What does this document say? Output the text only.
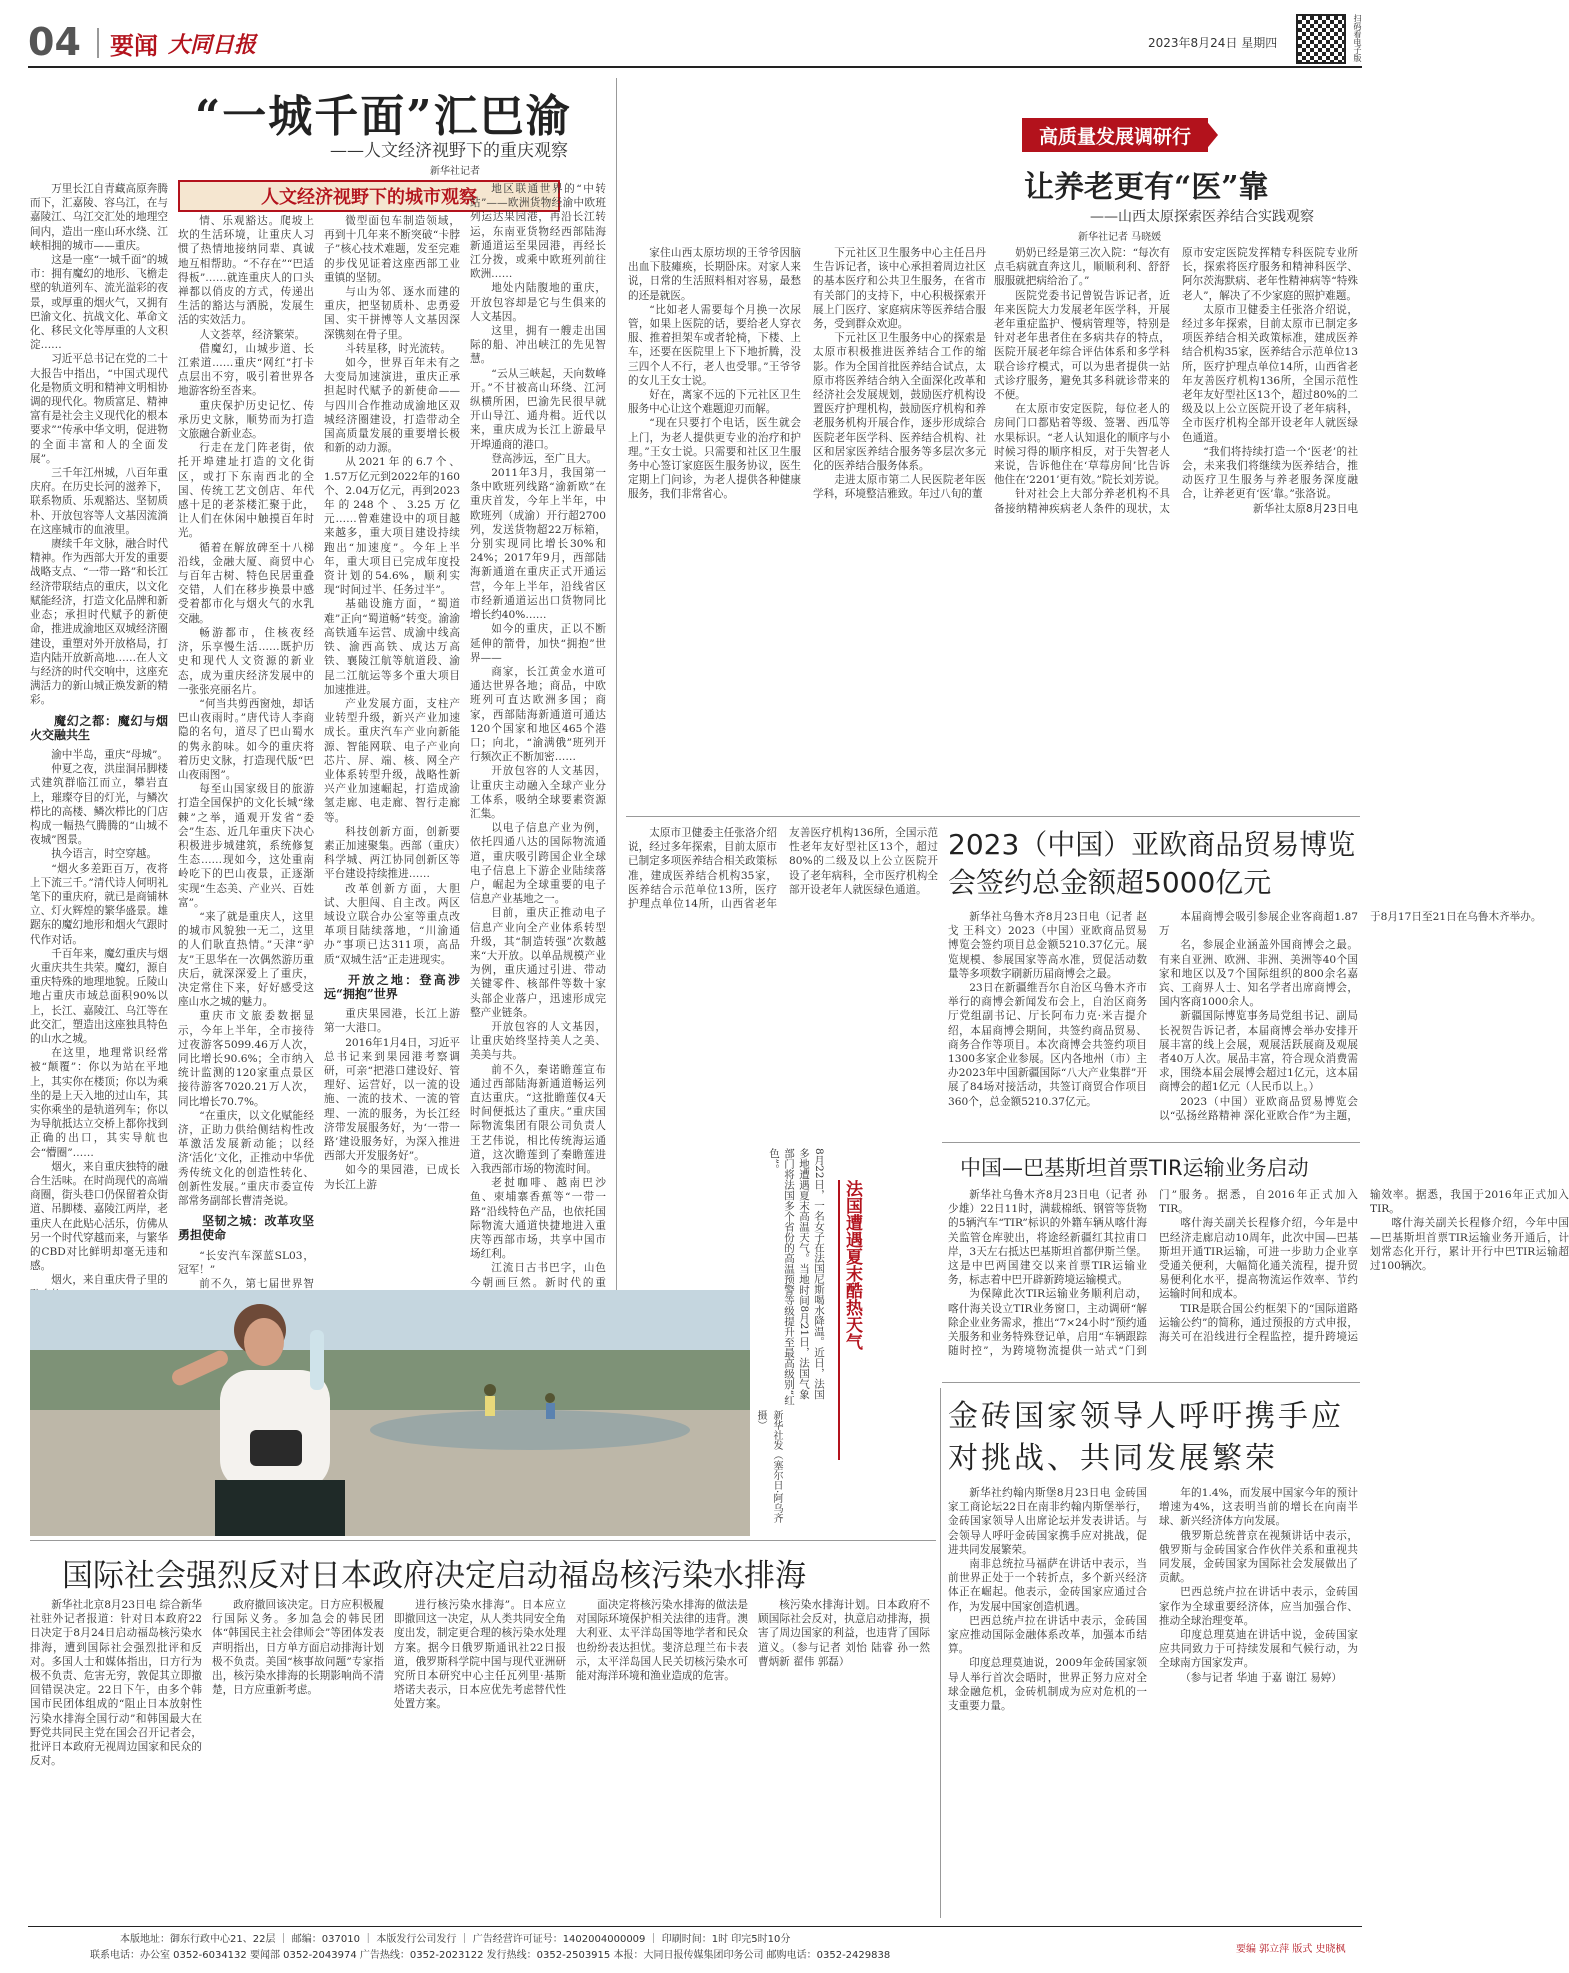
04 要闻 大同日报	2023年8月24日 星期四	扫码看电子版
“一城千面”汇巴渝
——人文经济视野下的重庆观察
新华社记者
人文经济视野下的城市观察

万里长江自青藏高原奔腾而下，汇嘉陵、容乌江，在与嘉陵江、乌江交汇处的地理空间内，造出一座山环水绕、江峡相拥的城市——重庆。

这是一座“一城千面”的城市：拥有魔幻的地形、飞檐走壁的轨道列车、流光溢彩的夜景，或厚重的烟火气，又拥有巴渝文化、抗战文化、革命文化、移民文化等厚重的人文积淀……

习近平总书记在党的二十大报告中指出，“中国式现代化是物质文明和精神文明相协调的现代化。物质富足、精神富有是社会主义现代化的根本要求”“传承中华文明，促进物的全面丰富和人的全面发展”。

三千年江州城，八百年重庆府。在历史长河的滋养下，联系物质、乐观豁达、坚韧质朴、开放包容等人文基因流淌在这座城市的血液里。

赓续千年文脉，融合时代精神。作为西部大开发的重要战略支点、“一带一路”和长江经济带联结点的重庆，以文化赋能经济，打造文化品牌和新业态；承担时代赋予的新使命，推进成渝地区双城经济圈建设，重塑对外开放格局，打造内陆开放新高地……在人文与经济的时代交响中，这座充满活力的新山城正焕发新的精彩。

魔幻之都：魔幻与烟火交融共生

渝中半岛，重庆“母城”。

仲夏之夜，洪崖洞吊脚楼式建筑群临江而立，攀岩直上，璀璨夺目的灯光，与鳞次栉比的高楼、鳞次栉比的门店构成一幅热气腾腾的“山城不夜城”图景。

执今语言，时空穿越。

“烟火多差距百万，夜将上下流三千。”清代诗人何明礼笔下的重庆府，就已是商铺林立、灯火辉煌的繁华盛景。雄踞东的魔幻地形和烟火气跟时代作对话。

千百年来，魔幻重庆与烟火重庆共生共荣。魔幻，源自重庆特殊的地理地貌。丘陵山地占重庆市域总面积90%以上，长江、嘉陵江、乌江等在此交汇，塑造出这座独具特色的山水之城。

在这里，地理常识经常被“颠覆”：你以为站在平地上，其实你在楼顶；你以为乘坐的是上天入地的过山车，其实你乘坐的是轨道列车；你以为导航抵达立交桥上都你找到正确的出口，其实导航也会“懵圈”……

烟火，来自重庆独特的融合生活味。在时尚现代的高端商圈，街头巷口仍保留着众街道、吊脚楼、嘉陵江两岸，老重庆人在此贴心活乐，仿佛从另一个时代穿越而来，与繁华的CBD对比鲜明却毫无违和感。

烟火，来自重庆骨子里的

情、乐观豁达。爬坡上坎的生活环境，让重庆人习惯了热情地接纳同辈、真诚地互相帮助。“不存在”“巴适得板”……就连重庆人的口头禅都以俏皮的方式，传递出生活的豁达与洒脱，发展生活的实效活力。

人文荟萃，经济繁荣。

借魔幻，山城步道、长江索道……重庆“网红”打卡点层出不穷，吸引着世界各地游客纷至沓来。

重庆保护历史记忆、传承历史文脉，顺势而为打造文旅融合新业态。

行走在龙门阵老街，依托开埠建址打造的文化街区，或打下东南西北的全国、传统工艺文创店、年代感十足的老茶楼汇聚于此，让人们在休闲中触摸百年时光。

循着在解放碑至十八梯沿线，金融大厦、商贸中心与百年古树、特色民居重叠交错，人们在移步换景中感受着都市化与烟火气的水乳交融。

畅游都市，住核夜经济，乐享慢生活……既护历史和现代人文资源的新业态，成为重庆经济发展中的一张张亮丽名片。

“何当共剪西窗烛，却话巴山夜雨时。”唐代诗人李商隐的名句，道尽了巴山蜀水的隽永韵味。如今的重庆将着历史文脉，打造现代版“巴山夜雨图”。

每至山国家级目的旅游打造全国保护的文化长城“缘棘”之举，通观开发省“委会”生态、近几年重庆下决心积极进步城建筑，系统修复生态……现如今，这处重南岭吃下的巴山夜景，正逐渐实现“生态美、产业兴、百姓富”。

“来了就是重庆人，这里的城市风貌独一无二，这里的人们耿直热情。”天津“驴友”王思华在一次偶然游历重庆后，就深深爱上了重庆，决定常住下来，好好感受这座山水之城的魅力。

重庆市文旅委数据显示，今年上半年，全市接待过夜游客5099.46万人次，同比增长90.6%；全市纳入统计监测的120家重点景区接待游客7020.21万人次，同比增长70.7%。

“在重庆，以文化赋能经济，正助力供给侧结构性改革激活发展新动能；以经济‘活化’文化，正推动中华优秀传统文化的创造性转化、创新性发展。”重庆市委宣传部常务副部长曹清尧说。

坚韧之城：改革攻坚勇担使命

“长安汽车深蓝SL03，冠军！”

前不久，第七届世界智

微型面包车制造领域，再到十几年来不断突破“卡脖子”核心技术难题，发至完难的步伐见证着这座西部工业重镇的坚韧。

与山为邻、逐水而建的重庆，把坚韧质朴、忠勇爱国、实干拼博等人文基因深深镌刻在骨子里。

斗转星移，时光流转。

如今，世界百年未有之大变局加速演进，重庆正承担起时代赋予的新使命——与四川合作推动成渝地区双城经济圈建设，打造带动全国高质量发展的重要增长极和新的动力源。

从2021年的6.7个、1.57万亿元到2022年的160个、2.04万亿元，再到2023年的248个、3.25万亿元……曾难建设中的项目越来越多，重大项目建设持续跑出“加速度”。今年上半年，重大项目已完成年度投资计划的54.6%，顺利实现“时间过半、任务过半”。

基础设施方面，“蜀道难”正向“蜀道畅”转变。渝渝高铁通车运营、成渝中线高铁、渝西高铁、成达万高铁、襄陵江航等航道段、渝昆二江航运等多个重大项目加速推进。

产业发展方面，支柱产业转型升级，新兴产业加速成长。重庆汽车产业向新能源、智能网联、电子产业向芯片、屏、端、核、网全产业体系转型升级，战略性新兴产业加速崛起，打造成渝氢走廊、电走廊、智行走廊等。

科技创新方面，创新要素正加速聚集。西部（重庆）科学城、两江协同创新区等平台建设持续推进……

改革创新方面，大胆试、大胆闯、自主改。两区域设立联合办公室等重点改革项目陆续落地，“川渝通办”事项已达311项，高品质“双城生活”正走进现实。

开放之地：登高涉远“拥抱”世界

重庆果园港，长江上游第一大港口。

2016年1月4日，习近平总书记来到果园港考察调研，可亲“把港口建设好、管理好、运营好，以一流的设施、一流的技术、一流的管理、一流的服务，为长江经济带发展服务好，为‘一带一路’建设服务好，为深入推进西部大开发服务好”。

如今的果园港，已成长为长江上游

地区联通世界的“中转站”——欧洲货物经渝中欧班列运达果园港，再沿长江转运，东南亚货物经西部陆海新通道运至果园港，再经长江分拨，或乘中欧班列前往欧洲……

地处内陆腹地的重庆，开放包容却是它与生俱来的人文基因。

这里，拥有一艘走出国际的船、冲出峡江的先见智慧。

“云从三峡起，天向数峰开。”不甘被高山环绕、江河纵横所困，巴渝先民很早就开山导江、通舟楫。近代以来，重庆成为长江上游最早开埠通商的港口。

登高涉远，至广且大。

2011年3月，我国第一条中欧班列线路“渝新欧”在重庆首发，今年上半年，中欧班列（成渝）开行超2700列，发送货物超22万标箱，分别实现同比增长30%和24%；2017年9月，西部陆海新通道在重庆正式开通运营，今年上半年，沿线省区市经新通道运出口货物同比增长约40%……

如今的重庆，正以不断延伸的箭骨，加快“拥抱”世界——

商家，长江黄金水道可通达世界各地；商品，中欧班列可直达欧洲多国；商家，西部陆海新通道可通达120个国家和地区465个港口；向北，“渝满俄”班列开行频次正不断加密……

开放包容的人文基因，让重庆主动融入全球产业分工体系，吸纳全球要素资源汇集。

以电子信息产业为例，依托四通八达的国际物流通道，重庆吸引跨国企业全球电子信息上下游企业陆续落户，崛起为全球重要的电子信息产业基地之一。

目前，重庆正推动电子信息产业向全产业体系转型升级，其“制造转强”次数越来“大开放。以单品规模产业为例，重庆通过引进、带动关键零件、核部件等数十家头部企业落户，迅速形成完整产业链条。

开放包容的人文基因，让重庆始终坚持美人之美、美美与共。

前不久，秦诺瞻莲宣布通过西部陆海新通道畅运列直达重庆。“这批瞻莲仅4天时间便抵达了重庆。”重庆国际物流集团有限公司负责人王艺伟说，相比传统海运通道，这次瞻莲到了秦瞻莲进入我西部市场的物流时间。

老挝咖啡、越南巴沙鱼、柬埔寨香蕉等“一带一路”沿线特色产品，也依托国际物流大通道快捷地进入重庆等西部市场，共享中国市场红利。

江流日古书巴字，山色今朝画巨然。新时代的重

高质量发展调研行
让养老更有“医”靠
——山西太原探索医养结合实践观察
新华社记者 马晓媛

家住山西太原坊坝的王爷爷因脑出血下肢瘫痪，长期卧床。对家人来说，日常的生活照料相对容易，最愁的还是就医。

“比如老人需要每个月换一次尿管，如果上医院的话，要给老人穿衣服、推着担架车或者轮椅，下楼、上车，还要在医院里上下下地折腾，没三四个人不行，老人也受罪。”王爷爷的女儿王女士说。

好在，离家不远的下元社区卫生服务中心让这个难题迎刃而解。

“现在只要打个电话，医生就会上门，为老人提供更专业的治疗和护理。”王女士说。只需要和社区卫生服务中心签订家庭医生服务协议，医生定期上门问诊，为老人提供各种健康服务，我们非常省心。

下元社区卫生服务中心主任吕丹生告诉记者，该中心承担着周边社区的基本医疗和公共卫生服务，在省市有关部门的支持下，中心积极探索开展上门医疗、家庭病床等医养结合服务，受到群众欢迎。

下元社区卫生服务中心的探索是太原市积极推进医养结合工作的缩影。作为全国首批医养结合试点，太原市将医养结合纳入全面深化改革和经济社会发展规划，鼓励医疗机构设置医疗护理机构，鼓励医疗机构和养老服务机构开展合作，逐步形成综合医院老年医学科、医养结合机构、社区和居家医养结合服务等多层次多元化的医养结合服务体系。

走进太原市第二人民医院老年医学科，环境整洁雅致。年过八旬的董

奶奶已经是第三次入院：“每次有点毛病就直奔这儿，顺顺利利、舒舒服服就把病给治了。”

医院党委书记曾锐告诉记者，近年来医院大力发展老年医学科，开展老年重症监护、慢病管理等，特别是针对老年患者住在多病共存的特点，医院开展老年综合评估体系和多学科联合诊疗模式，可以为患者提供一站式诊疗服务，避免其多科就诊带来的不便。

在太原市安定医院，每位老人的房间门口都贴着等级、签署、西瓜等水果标识。“老人认知退化的顺序与小时候习得的顺序相反，对于失智老人来说，告诉他住在‘草莓房间’比告诉他住在‘2201’更有效。”院长刘芳说。

针对社会上大部分养老机构不具备接纳精神疾病老人条件的现状，太原市安定医院发挥精专科医院专业所长，探索将医疗服务和精神科医学、阿尔茨海默病、老年性精神病等“特殊老人”，解决了不少家庭的照护难题。

太原市卫健委主任张洛介绍说，经过多年探索，目前太原市已制定多项医养结合相关政策标准，建成医养结合机构35家，医养结合示范单位13所，医疗护理点单位14所，山西省老年友善医疗机构136所，全国示范性老年友好型社区13个，超过80%的二级及以上公立医院开设了老年病科，全市医疗机构全部开设老年人就医绿色通道。

“我们将持续打造一个‘医老’的社会，未来我们将继续为医养结合，推动医疗卫生服务与养老服务深度融合，让养老更有‘医’靠。”张洛说。

新华社太原8月23日电

2023（中国）亚欧商品贸易博览会签约总金额超5000亿元

新华社乌鲁木齐8月23日电（记者 赵戈 王科文）2023（中国）亚欧商品贸易博览会签约项目总金额5210.37亿元。展览规模、参展国家等高水准，贸促活动数量等多项数字刷新历届商博会之最。

23日在新疆维吾尔自治区乌鲁木齐市举行的商博会新闻发布会上，自治区商务厅党组副书记、厅长阿布力克·米吉提介绍，本届商博会期间，共签约商品贸易、商务合作等项目。本次商博会共签约项目1300多家企业参展。区内各地州（市）主办2023年中国新疆国际“八大产业集群”开展了84场对接活动，共签订商贸合作项目360个，总金额5210.37亿元。

本届商博会吸引参展企业客商超1.87万

名，参展企业涵盖外国商博会之最。有来自亚洲、欧洲、非洲、美洲等40个国家和地区以及7个国际组织的800余名嘉宾、工商界人士、知名学者出席商博会，国内客商1000余人。

新疆国际博览事务局党组书记、副局长祝贺告诉记者，本届商博会举办安排开展丰富的线上会展，观展活跃展商及观展者40万人次。展品丰富，符合现众消费需求，围绕本届会展博会超过1亿元，这本届商博会的超1亿元（人民币以上。）

2023（中国）亚欧商品贸易博览会以“弘扬丝路精神 深化亚欧合作”为主题，于8月17日至21日在乌鲁木齐举办。

太原市卫健委主任张洛介绍说，经过多年探索，目前太原市已制定多项医养结合相关政策标准，建成医养结合机构35家，医养结合示范单位13所，医疗护理点单位14所，山西省老年友善医疗机构136所，全国示范性老年友好型社区13个，超过80%的二级及以上公立医院开设了老年病科，全市医疗机构全部开设老年人就医绿色通道。

中国—巴基斯坦首票TIR运输业务启动

新华社乌鲁木齐8月23日电（记者 孙少雄）22日11时，满载棉纸、钢管等货物的5辆汽车“TIR”标识的外籍车辆从喀什海关监管仓库驶出，将途经新疆红其拉甫口岸，3天左右抵达巴基斯坦首都伊斯兰堡。这是中巴两国建交以来首票TIR运输业务，标志着中巴开辟新跨境运输模式。

为保障此次TIR运输业务顺利启动，喀什海关设立TIR业务窗口，主动调研“解除企业业务需求，推出“7×24小时”预约通关服务和业务特殊登记单，启用“车辆跟踪随时控”，为跨境物流提供一站式“门到门”服务。据悉，自2016年正式加入TIR。

喀什海关副关长程修介绍，今年是中巴经济走廊启动10周年，此次中国—巴基斯坦开通TIR运输，可进一步助力企业享受通关便利，大幅简化通关流程，提升贸易便利化水平，提高物流运作效率、节约运输时间和成本。

TIR是联合国公约框架下的“国际道路运输公约”的简称，通过预报的方式申报，海关可在沿线进行全程监控，提升跨境运输效率。据悉，我国于2016年正式加入TIR。

喀什海关副关长程修介绍，今年中国—巴基斯坦首票TIR运输业务开通后，计划常态化开行，累计开行中巴TIR运输超过100辆次。

金砖国家领导人呼吁携手应对挑战、共同发展繁荣

新华社约翰内斯堡8月23日电 金砖国家工商论坛22日在南非约翰内斯堡举行，金砖国家领导人出席论坛并发表讲话。与会领导人呼吁金砖国家携手应对挑战，促进共同发展繁荣。

南非总统拉马福萨在讲话中表示，当前世界正处于一个转折点，多个新兴经济体正在崛起。他表示，金砖国家应通过合作，为发展中国家创造机遇。

巴西总统卢拉在讲话中表示，金砖国家应推动国际金融体系改革，加强本币结算。

印度总理莫迪说，2009年金砖国家领导人举行首次会晤时，世界正努力应对全球金融危机，金砖机制成为应对危机的一支重要力量。

年的1.4%，而发展中国家今年的预计增速为4%，这表明当前的增长在向南半球、新兴经济体方向发展。

俄罗斯总统普京在视频讲话中表示，俄罗斯与金砖国家合作伙伴关系和重视共同发展，金砖国家为国际社会发展做出了贡献。

巴西总统卢拉在讲话中表示，金砖国家作为全球重要经济体，应当加强合作、推动全球治理变革。

印度总理莫迪在讲话中说，金砖国家应共同致力于可持续发展和气候行动，为全球南方国家发声。

（参与记者 华迪 于嘉 谢江 易婷）

法国遭遇夏末酷热天气
8月22日，一名女子在法国尼斯喝水降温。近日，法国多地遭遇夏末高温天气。当地时间8月21日，法国气象部门将法国多个省份的高温预警等级提升至最高级别“红色”。
新华社发（塞尔日·阿乌齐摄）
国际社会强烈反对日本政府决定启动福岛核污染水排海

新华社北京8月23日电 综合新华社驻外记者报道：针对日本政府22日决定于8月24日启动福岛核污染水排海，遭到国际社会强烈批评和反对。多国人士和媒体指出，日方行为极不负责、危害无穷，敦促其立即撤回错误决定。22日下午，由多个韩国市民团体组成的“阻止日本放射性污染水排海全国行动”和韩国最大在野党共同民主党在国会召开记者会，批评日本政府无视周边国家和民众的反对。

政府撤回该决定。日方应积极履行国际义务。多加急会的韩民团体“韩国民主社会律师会”等团体发表声明指出，日方单方面启动排海计划极不负责。美国“核事故问题”专家指出，核污染水排海的长期影响尚不清楚，日方应重新考虑。

进行核污染水排海”。日本应立即撤回这一决定，从人类共同安全角度出发，制定更合理的核污染水处理方案。据今日俄罗斯通讯社22日报道，俄罗斯科学院中国与现代亚洲研究所日本研究中心主任瓦列里·基斯塔诺夫表示，日本应优先考虑替代性处置方案。

面决定将核污染水排海的做法是对国际环境保护相关法律的违背。澳大利亚、太平洋岛国等地学者和民众也纷纷表达担忧。斐济总理兰布卡表示，太平洋岛国人民关切核污染水可能对海洋环境和渔业造成的危害。

核污染水排海计划。日本政府不顾国际社会反对，执意启动排海，损害了周边国家的利益，也违背了国际道义。（参与记者 刘怡 陆睿 孙一然 曹炳新 翟伟 郭磊）

本版地址：御东行政中心21、22层 ｜ 邮编：037010 ｜ 本版发行公司发行 ｜ 广告经营许可证号：1402004000009 ｜ 印刷时间：1时 印完5时10分
联系电话：办公室 0352-6034132 要闻部 0352-2043974 广告热线：0352-2023122 发行热线：0352-2503915 本报：大同日报传媒集团印务公司 邮购电话：0352-2429838
要编 郭立萍 版式 史晓枫
